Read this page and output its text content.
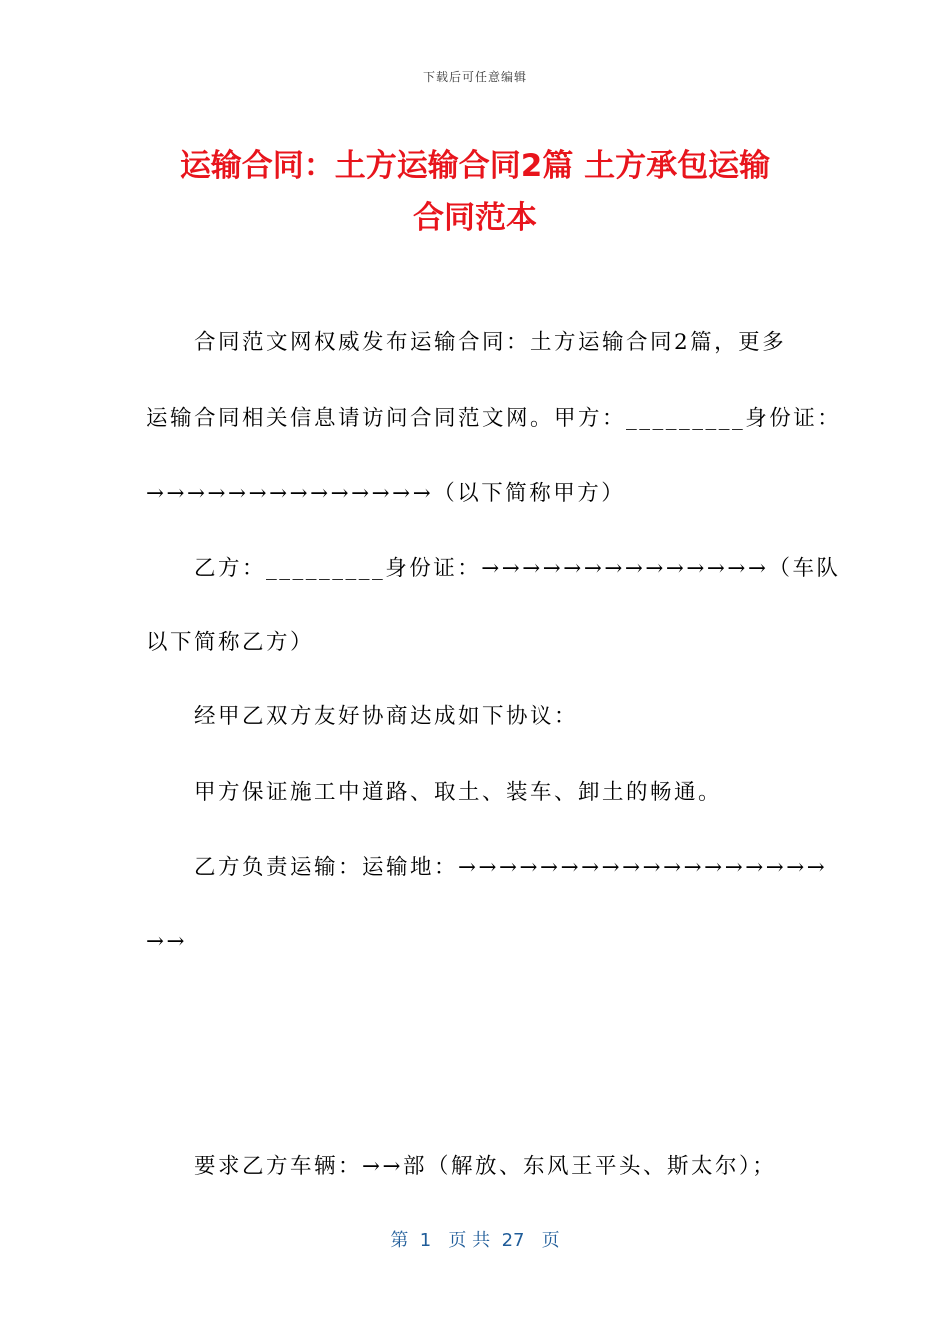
下载后可任意编辑
运输合同：土方运输合同2篇 土方承包运输
合同范本
合同范文网权威发布运输合同：土方运输合同2篇，更多
运输合同相关信息请访问合同范文网。甲方：_________身份证：
→→→→→→→→→→→→→→（以下简称甲方）
乙方：_________身份证：→→→→→→→→→→→→→→（车队
以下简称乙方）
经甲乙双方友好协商达成如下协议：
甲方保证施工中道路、取土、装车、卸土的畅通。
乙方负责运输：运输地：→→→→→→→→→→→→→→→→→→
→→
要求乙方车辆：→→部（解放、东风王平头、斯太尔）；
第  1   页 共  27   页
